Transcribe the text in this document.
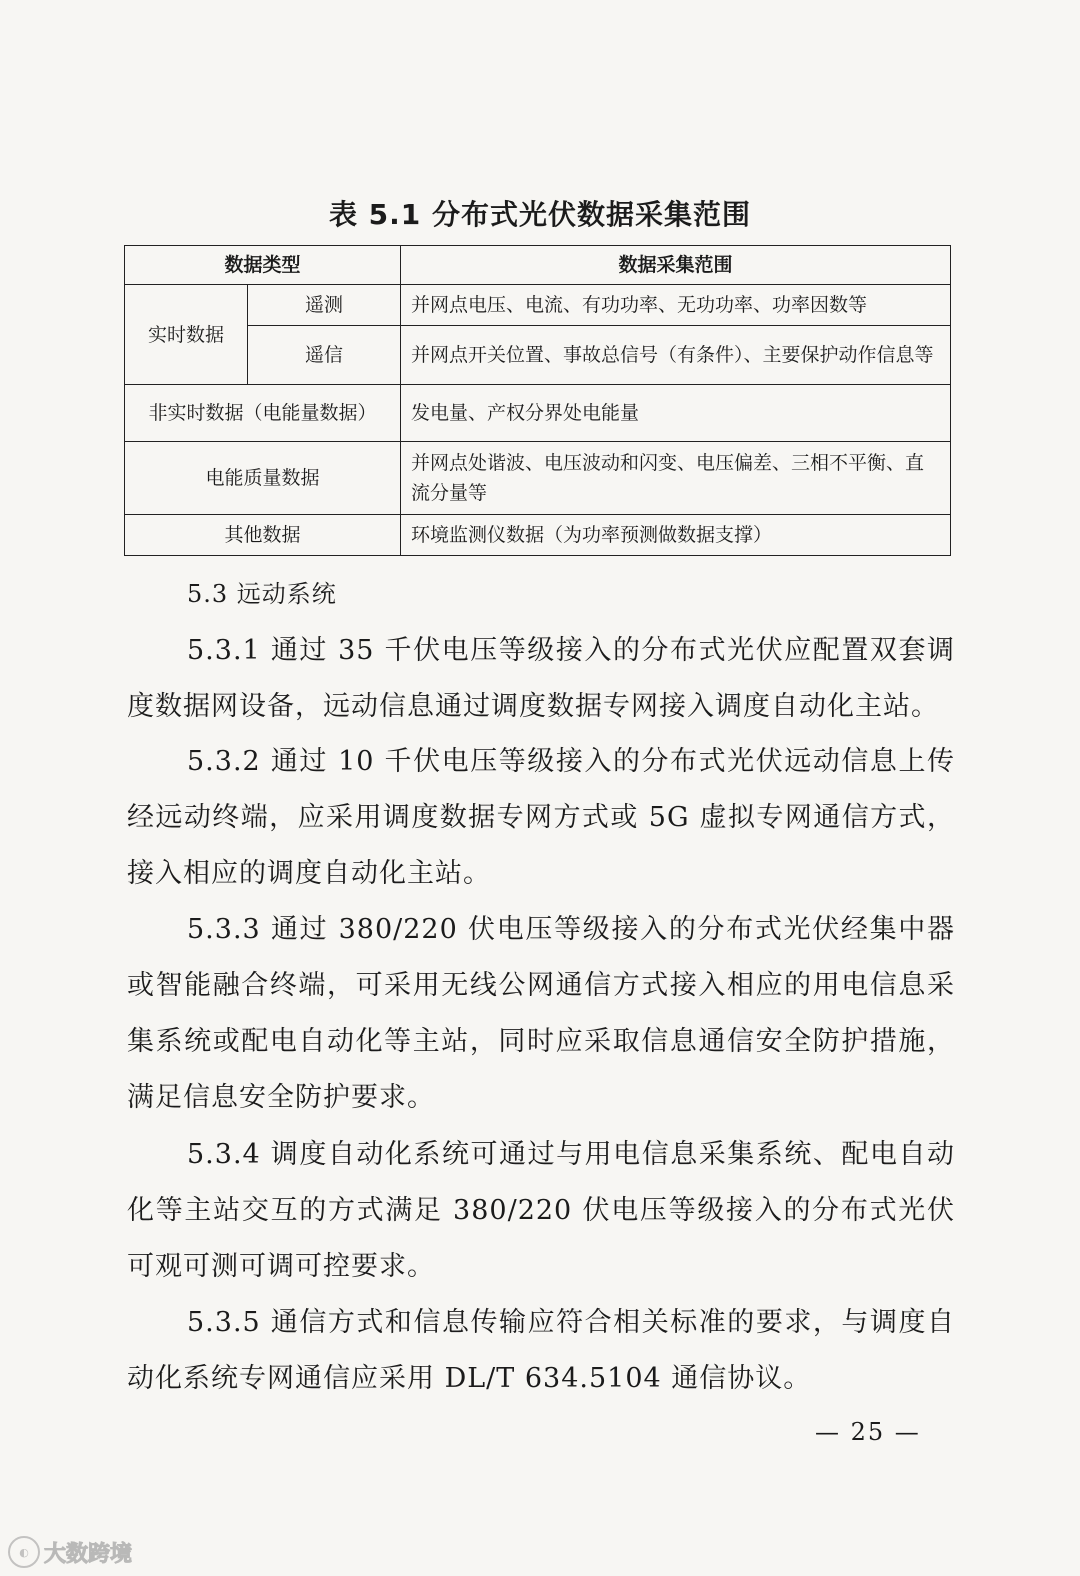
表 5.1 分布式光伏数据采集范围
数据类型		数据采集范围
实时数据	遥测	并网点电压、电流、有功功率、无功功率、功率因数等
	遥信	并网点开关位置、事故总信号（有条件）、主要保护动作信息等
非实时数据（电能量数据）		发电量、产权分界处电能量
电能质量数据		并网点处谐波、电压波动和闪变、电压偏差、三相不平衡、直流分量等
其他数据		环境监测仪数据（为功率预测做数据支撑）
5.3 远动系统

5.3.1 通过 35 千伏电压等级接入的分布式光伏应配置双套调度数据网设备，远动信息通过调度数据专网接入调度自动化主站。

5.3.2 通过 10 千伏电压等级接入的分布式光伏远动信息上传经远动终端，应采用调度数据专网方式或 5G 虚拟专网通信方式，接入相应的调度自动化主站。

5.3.3 通过 380/220 伏电压等级接入的分布式光伏经集中器或智能融合终端，可采用无线公网通信方式接入相应的用电信息采集系统或配电自动化等主站，同时应采取信息通信安全防护措施，满足信息安全防护要求。

5.3.4 调度自动化系统可通过与用电信息采集系统、配电自动化等主站交互的方式满足 380/220 伏电压等级接入的分布式光伏可观可测可调可控要求。

5.3.5 通信方式和信息传输应符合相关标准的要求，与调度自动化系统专网通信应采用 DL/T 634.5104 通信协议。

— 25 —
◐ 大数跨境
